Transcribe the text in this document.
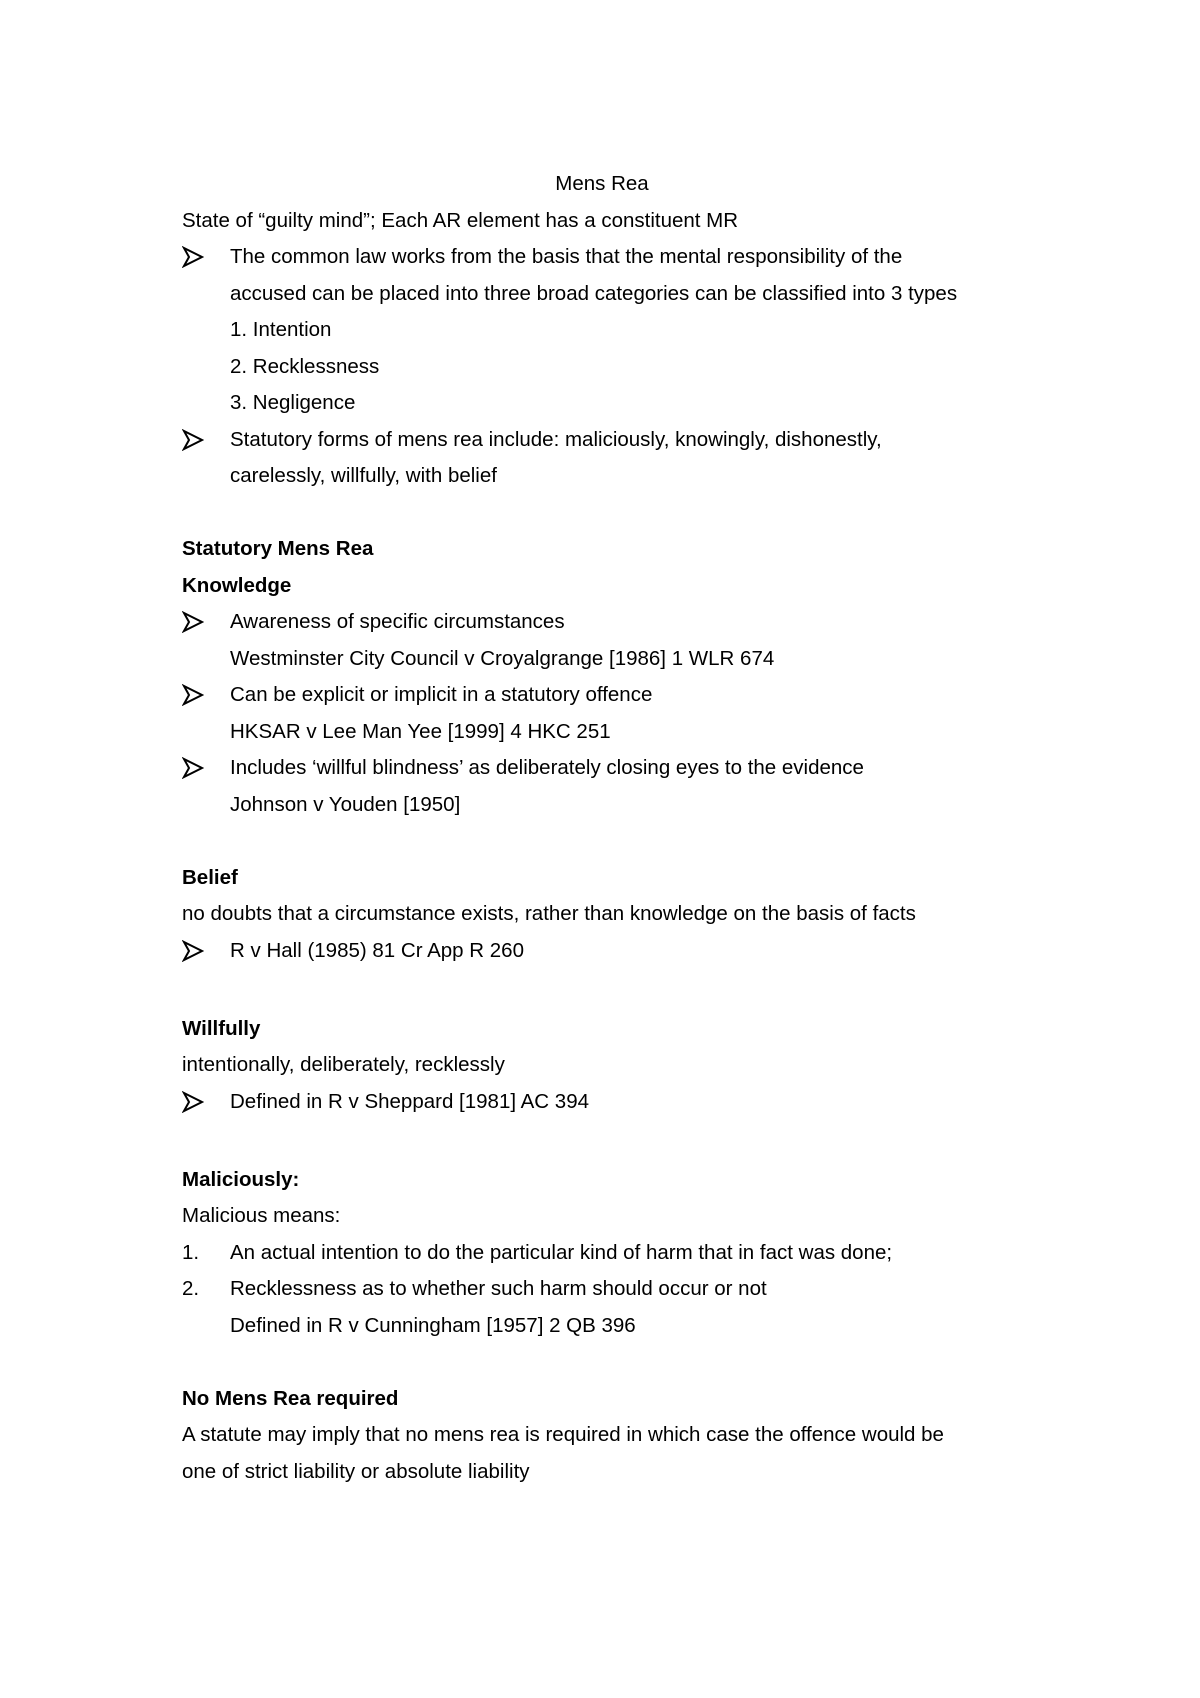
Mens Rea
State of “guilty mind”; Each AR element has a constituent MR
The common law works from the basis that the mental responsibility of the
accused can be placed into three broad categories can be classified into 3 types
1. Intention
2. Recklessness
3. Negligence
Statutory forms of mens rea include: maliciously, knowingly, dishonestly,
carelessly, willfully, with belief
Statutory Mens Rea
Knowledge
Awareness of specific circumstances
Westminster City Council v Croyalgrange [1986] 1 WLR 674
Can be explicit or implicit in a statutory offence
HKSAR v Lee Man Yee [1999] 4 HKC 251
Includes ‘willful blindness’ as deliberately closing eyes to the evidence
Johnson v Youden [1950]
Belief
no doubts that a circumstance exists, rather than knowledge on the basis of facts
R v Hall (1985) 81 Cr App R 260
Willfully
intentionally, deliberately, recklessly
Defined in R v Sheppard [1981] AC 394
Maliciously:
Malicious means:
1.	An actual intention to do the particular kind of harm that in fact was done;
2.	Recklessness as to whether such harm should occur or not
Defined in R v Cunningham [1957] 2 QB 396
No Mens Rea required
A statute may imply that no mens rea is required in which case the offence would be
one of strict liability or absolute liability
